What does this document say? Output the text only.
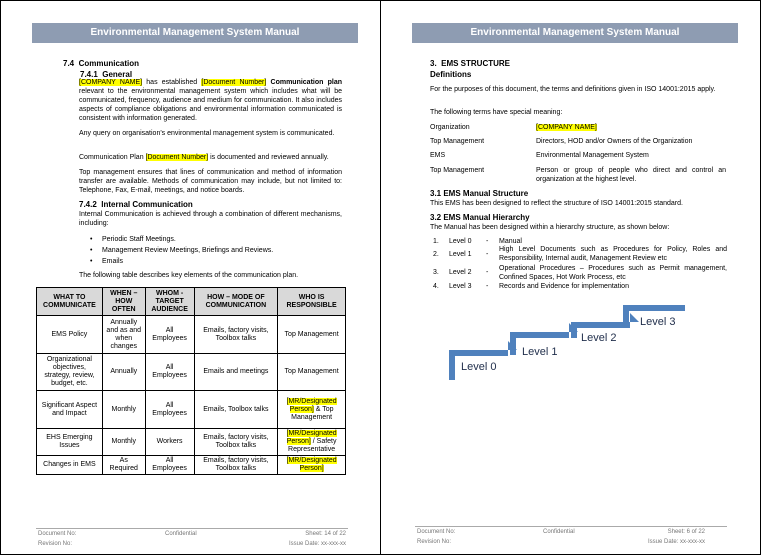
Environmental Management System Manual
7.4 Communication
7.4.1 General
[COMPANY NAME] has established [Document Number] Communication plan relevant to the environmental management system which includes what will be communicated, frequency, audience and medium for communication. It also includes aspects of compliance obligations and environmental information communicated is consistent with information generated.
Any query on organisation's environmental management system is communicated.
Communication Plan [Document Number] is documented and reviewed annually.
Top management ensures that lines of communication and method of information transfer are available. Methods of communication may include, but not limited to: Telephone, Fax, E-mail, meetings, and notice boards.
7.4.2 Internal Communication
Internal Communication is achieved through a combination of different mechanisms, including:
• Periodic Staff Meetings.
• Management Review Meetings, Briefings and Reviews.
• Emails
The following table describes key elements of the communication plan.
WHAT TO COMMUNICATE	WHEN – HOW OFTEN	WHOM - TARGET AUDIENCE	HOW – MODE OF COMMUNICATION	WHO IS RESPONSIBLE
EMS Policy	Annually and as and when changes	All Employees	Emails, factory visits, Toolbox talks	Top Management
Organizational objectives, strategy, review, budget, etc.	Annually	All Employees	Emails and meetings	Top Management
Significant Aspect and Impact	Monthly	All Employees	Emails, Toolbox talks	[MR/Designated Person] & Top Management
EHS Emerging Issues	Monthly	Workers	Emails, factory visits, Toolbox talks	[MR/Designated Person] / Safety Representative
Changes in EMS	As Required	All Employees	Emails, factory visits, Toolbox talks	[MR/Designated Person]
Document No:	Confidential	Sheet: 14 of 22
Revision No:	Issue Date: xx-xxx-xx
Environmental Management System Manual
3. EMS STRUCTURE
Definitions
For the purposes of this document, the terms and definitions given in ISO 14001:2015 apply.
The following terms have special meaning:
Organization	[COMPANY NAME]
Top Management	Directors, HOD and/or Owners of the Organization
EMS	Environmental Management System
Top Management	Person or group of people who direct and control an organization at the highest level.
3.1 EMS Manual Structure
This EMS has been designed to reflect the structure of ISO 14001:2015 standard.
3.2 EMS Manual Hierarchy
The Manual has been designed within a hierarchy structure, as shown below:
1. Level 0 - Manual
2. Level 1 -
High Level Documents such as Procedures for Policy, Roles and Responsibility, Internal audit, Management Review etc
3. Level 2 -
Operational Procedures – Procedures such as Permit management, Confined Spaces, Hot Work Process, etc
4. Level 3 - Records and Evidence for implementation
Level 0
Level 1
Level 2
Level 3
Document No:	Confidential	Sheet: 6 of 22
Revision No:	Issue Date: xx-xxx-xx
